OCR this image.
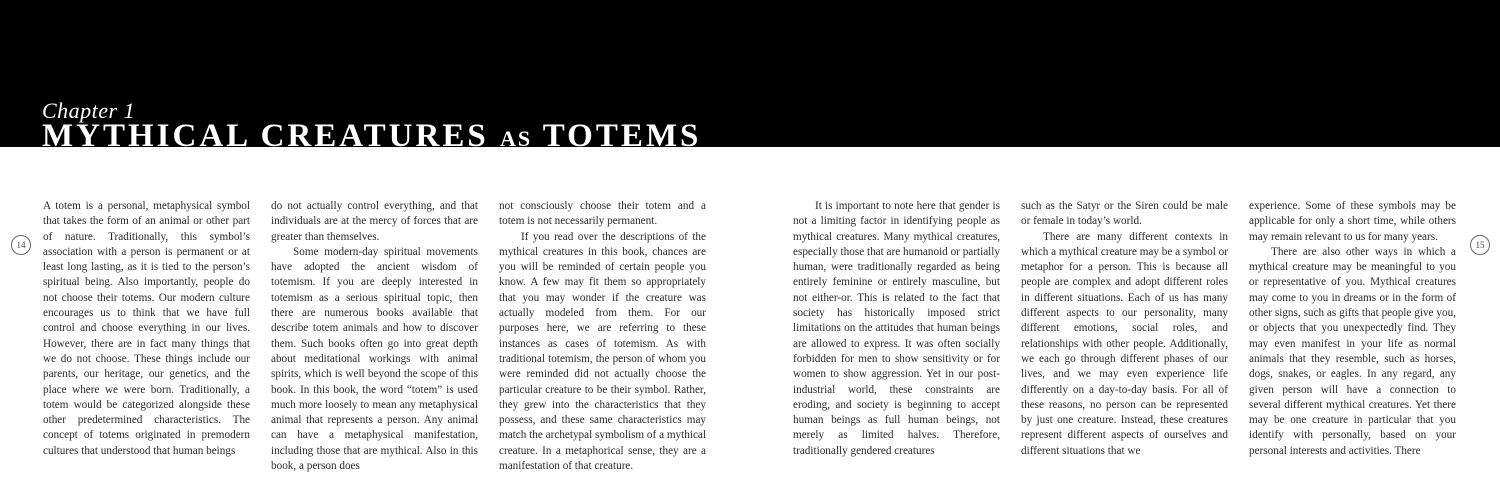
Chapter 1
MYTHICAL CREATURES AS TOTEMS
14	15

A totem is a personal, metaphysical symbol that takes the form of an animal or other part of nature. Traditionally, this symbol’s association with a person is permanent or at least long lasting, as it is tied to the person’s spiritual being. Also importantly, people do not choose their totems. Our modern culture encourages us to think that we have full control and choose everything in our lives. However, there are in fact many things that we do not choose. These things include our parents, our heritage, our genetics, and the place where we were born. Traditionally, a totem would be categorized alongside these other predetermined characteristics. The concept of totems originated in premodern cultures that understood that human beings

do not actually control everything, and that individuals are at the mercy of forces that are greater than themselves.

Some modern-day spiritual movements have adopted the ancient wisdom of totemism. If you are deeply interested in totemism as a serious spiritual topic, then there are numerous books available that describe totem animals and how to discover them. Such books often go into great depth about meditational workings with animal spirits, which is well beyond the scope of this book. In this book, the word “totem” is used much more loosely to mean any metaphysical animal that represents a person. Any animal can have a metaphysical manifestation, including those that are mythical. Also in this book, a person does

not consciously choose their totem and a totem is not necessarily permanent.

If you read over the descriptions of the mythical creatures in this book, chances are you will be reminded of certain people you know. A few may fit them so appropriately that you may wonder if the creature was actually modeled from them. For our purposes here, we are referring to these instances as cases of totemism. As with traditional totemism, the person of whom you were reminded did not actually choose the particular creature to be their symbol. Rather, they grew into the characteristics that they possess, and these same characteristics may match the archetypal symbolism of a mythical creature. In a metaphorical sense, they are a manifestation of that creature.

It is important to note here that gender is not a limiting factor in identifying people as mythical creatures. Many mythical creatures, especially those that are humanoid or partially human, were traditionally regarded as being entirely feminine or entirely masculine, but not either-or. This is related to the fact that society has historically imposed strict limitations on the attitudes that human beings are allowed to express. It was often socially forbidden for men to show sensitivity or for women to show aggression. Yet in our post-industrial world, these constraints are eroding, and society is beginning to accept human beings as full human beings, not merely as limited halves. Therefore, traditionally gendered creatures

such as the Satyr or the Siren could be male or female in today’s world.

There are many different contexts in which a mythical creature may be a symbol or metaphor for a person. This is because all people are complex and adopt different roles in different situations. Each of us has many different aspects to our personality, many different emotions, social roles, and relationships with other people. Additionally, we each go through different phases of our lives, and we may even experience life differently on a day-to-day basis. For all of these reasons, no person can be represented by just one creature. Instead, these creatures represent different aspects of ourselves and different situations that we

experience. Some of these symbols may be applicable for only a short time, while others may remain relevant to us for many years.

There are also other ways in which a mythical creature may be meaningful to you or representative of you. Mythical creatures may come to you in dreams or in the form of other signs, such as gifts that people give you, or objects that you unexpectedly find. They may even manifest in your life as normal animals that they resemble, such as horses, dogs, snakes, or eagles. In any regard, any given person will have a connection to several different mythical creatures. Yet there may be one creature in particular that you identify with personally, based on your personal interests and activities. There
